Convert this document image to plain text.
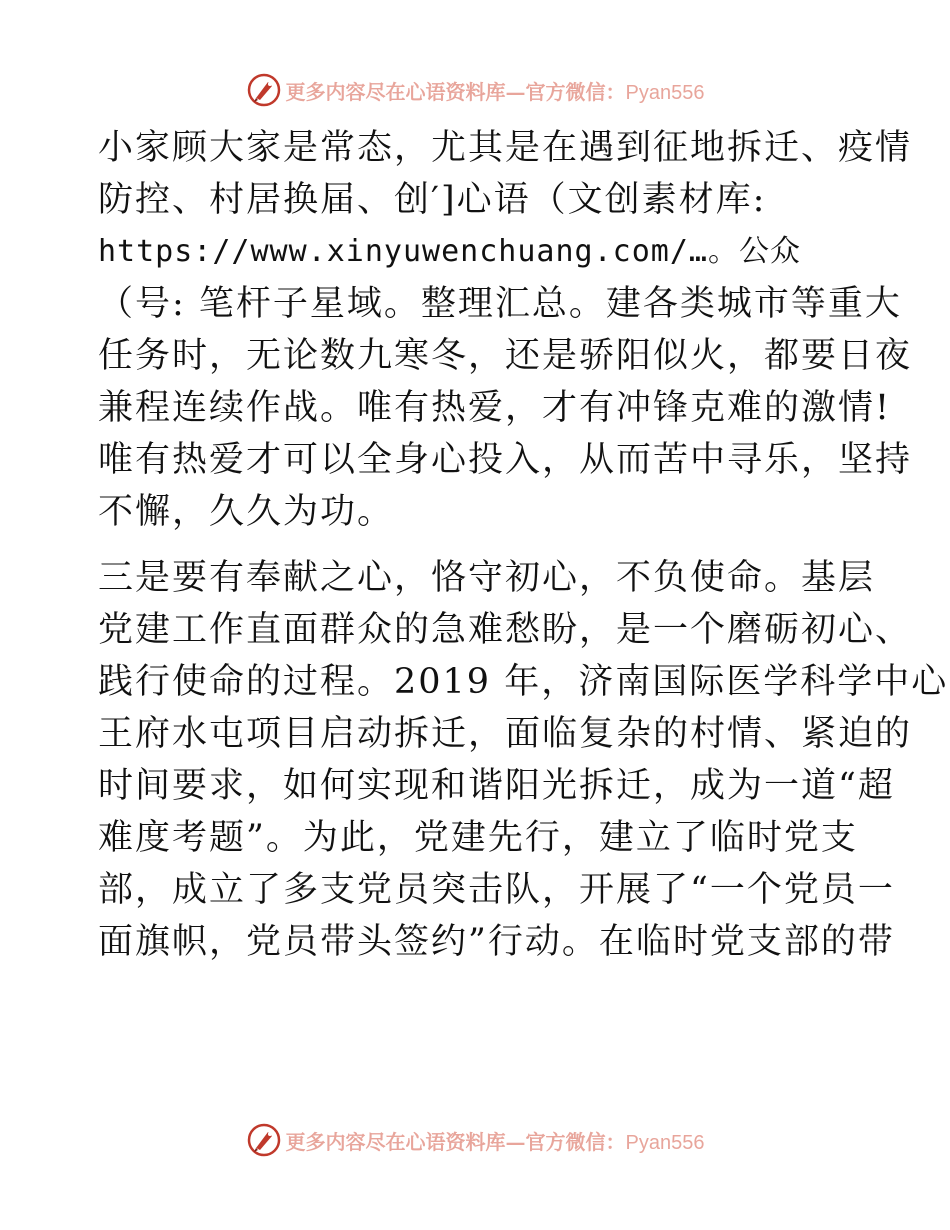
更多内容尽在心语资料库—官方微信：Pyan556

小家顾大家是常态，尤其是在遇到征地拆迁、疫情
防控、村居换届、创′]心语（文创素材库:
https://www.xinyuwenchuang.com/…。公众
（号: 笔杆子星域。整理汇总。建各类城市等重大
任务时，无论数九寒冬，还是骄阳似火，都要日夜
兼程连续作战。唯有热爱，才有冲锋克难的激情!
唯有热爱才可以全身心投入，从而苦中寻乐，坚持
不懈，久久为功。

三是要有奉献之心，恪守初心，不负使命。基层
党建工作直面群众的急难愁盼，是一个磨砺初心、
践行使命的过程。2019 年，济南国际医学科学中心
王府水屯项目启动拆迁，面临复杂的村情、紧迫的
时间要求，如何实现和谐阳光拆迁，成为一道“超
难度考题”。为此，党建先行，建立了临时党支
部，成立了多支党员突击队，开展了“一个党员一
面旗帜，党员带头签约”行动。在临时党支部的带

更多内容尽在心语资料库—官方微信：Pyan556
